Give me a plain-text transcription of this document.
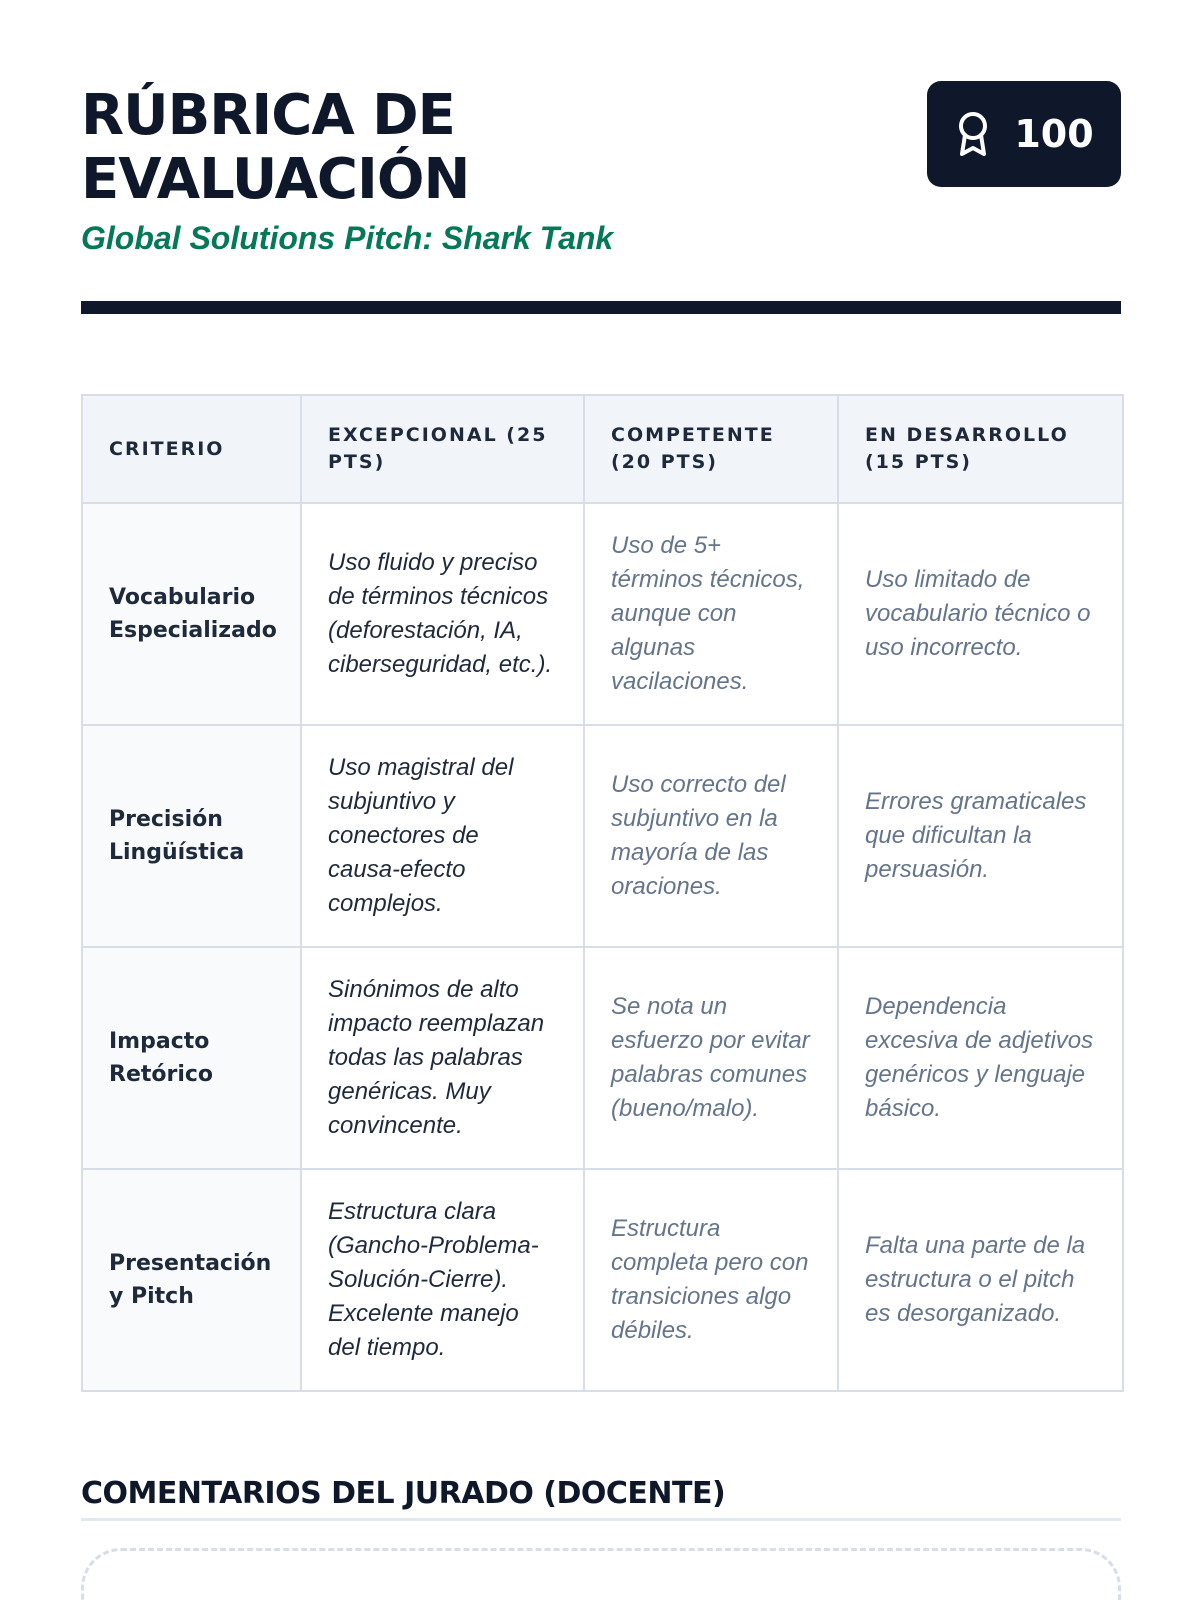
RÚBRICA DE EVALUACIÓN
Global Solutions Pitch: Shark Tank
100
CRITERIO	EXCEPCIONAL (25 PTS)	COMPETENTE (20 PTS)	EN DESARROLLO (15 PTS)
Vocabulario Especializado	Uso fluido y preciso de términos técnicos (deforestación, IA, ciberseguridad, etc.).	Uso de 5+ términos técnicos, aunque con algunas vacilaciones.	Uso limitado de vocabulario técnico o uso incorrecto.
Precisión Lingüística	Uso magistral del subjuntivo y conectores de causa-efecto complejos.	Uso correcto del subjuntivo en la mayoría de las oraciones.	Errores gramaticales que dificultan la persuasión.
Impacto Retórico	Sinónimos de alto impacto reemplazan todas las palabras genéricas. Muy convincente.	Se nota un esfuerzo por evitar palabras comunes (bueno/malo).	Dependencia excesiva de adjetivos genéricos y lenguaje básico.
Presentación y Pitch	Estructura clara (Gancho-Problema-Solución-Cierre). Excelente manejo del tiempo.	Estructura completa pero con transiciones algo débiles.	Falta una parte de la estructura o el pitch es desorganizado.
COMENTARIOS DEL JURADO (DOCENTE)
